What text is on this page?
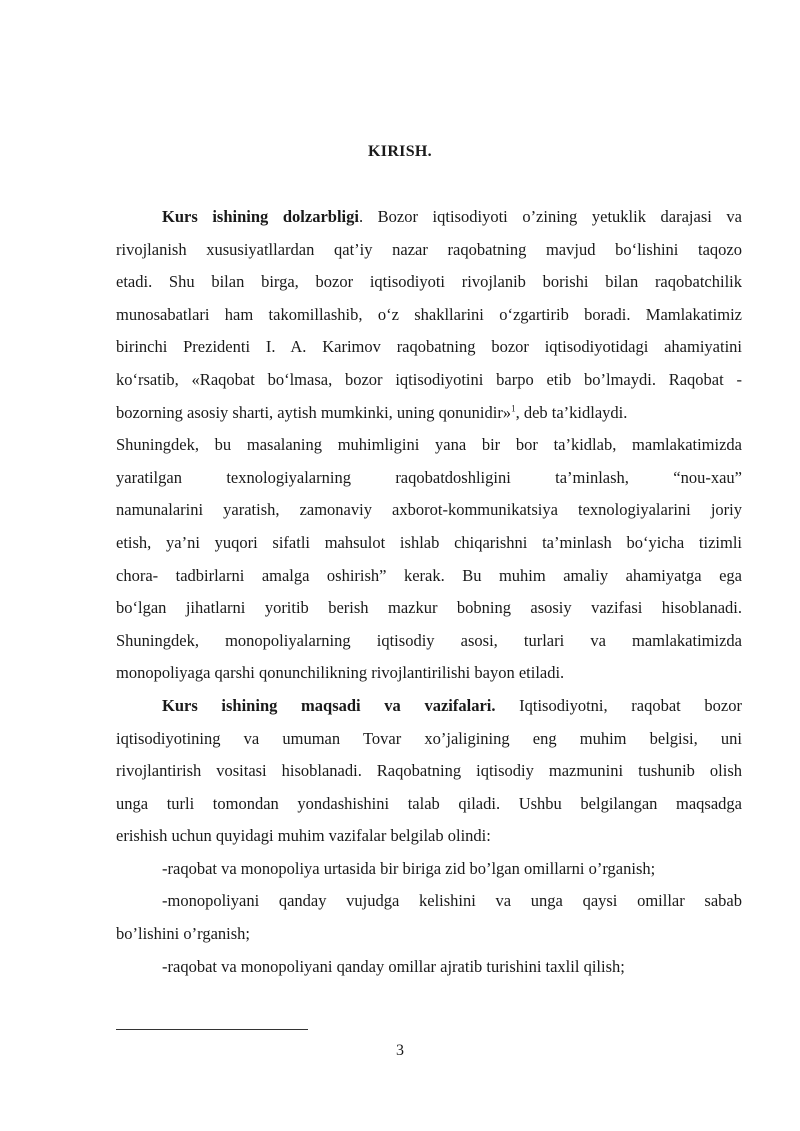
KIRISH.
Kurs ishining dolzarbligi. Bozor iqtisodiyoti o’zining yetuklik darajasi va
rivojlanish xususiyatllardan qat’iy nazar raqobatning mavjud bo‘lishini taqozo
etadi. Shu bilan birga, bozor iqtisodiyoti rivojlanib borishi bilan raqobatchilik
munosabatlari ham takomillashib, o‘z shakllarini o‘zgartirib boradi. Mamlakatimiz
birinchi Prezidenti I. A. Karimov raqobatning bozor iqtisodiyotidagi ahamiyatini
ko‘rsatib, «Raqobat bo‘lmasa, bozor iqtisodiyotini barpo etib bo’lmaydi. Raqobat -
bozorning asosiy sharti, aytish mumkinki, uning qonunidir»$^1$, deb ta’kidlaydi.
Shuningdek, bu masalaning muhimligini yana bir bor ta’kidlab, mamlakatimizda
yaratilgan texnologiyalarning raqobatdoshligini ta’minlash, “nou-xau”
namunalarini yaratish, zamonaviy axborot-kommunikatsiya texnologiyalarini joriy
etish, ya’ni yuqori sifatli mahsulot ishlab chiqarishni ta’minlash bo‘yicha tizimli
chora- tadbirlarni amalga oshirish” kerak. Bu muhim amaliy ahamiyatga ega
bo‘lgan jihatlarni yoritib berish mazkur bobning asosiy vazifasi hisoblanadi.
Shuningdek, monopoliyalarning iqtisodiy asosi, turlari va mamlakatimizda
monopoliyaga qarshi qonunchilikning rivojlantirilishi bayon etiladi.
Kurs ishining maqsadi va vazifalari. Iqtisodiyotni, raqobat bozor
iqtisodiyotining va umuman Tovar xo’jaligining eng muhim belgisi, uni
rivojlantirish vositasi hisoblanadi. Raqobatning iqtisodiy mazmunini tushunib olish
unga turli tomondan yondashishini talab qiladi. Ushbu belgilangan maqsadga
erishish uchun quyidagi muhim vazifalar belgilab olindi:
-raqobat va monopoliya urtasida bir biriga zid bo’lgan omillarni o’rganish;
-monopoliyani qanday vujudga kelishini va unga qaysi omillar sabab
bo’lishini o’rganish;
-raqobat va monopoliyani qanday omillar ajratib turishini taxlil qilish;
3
